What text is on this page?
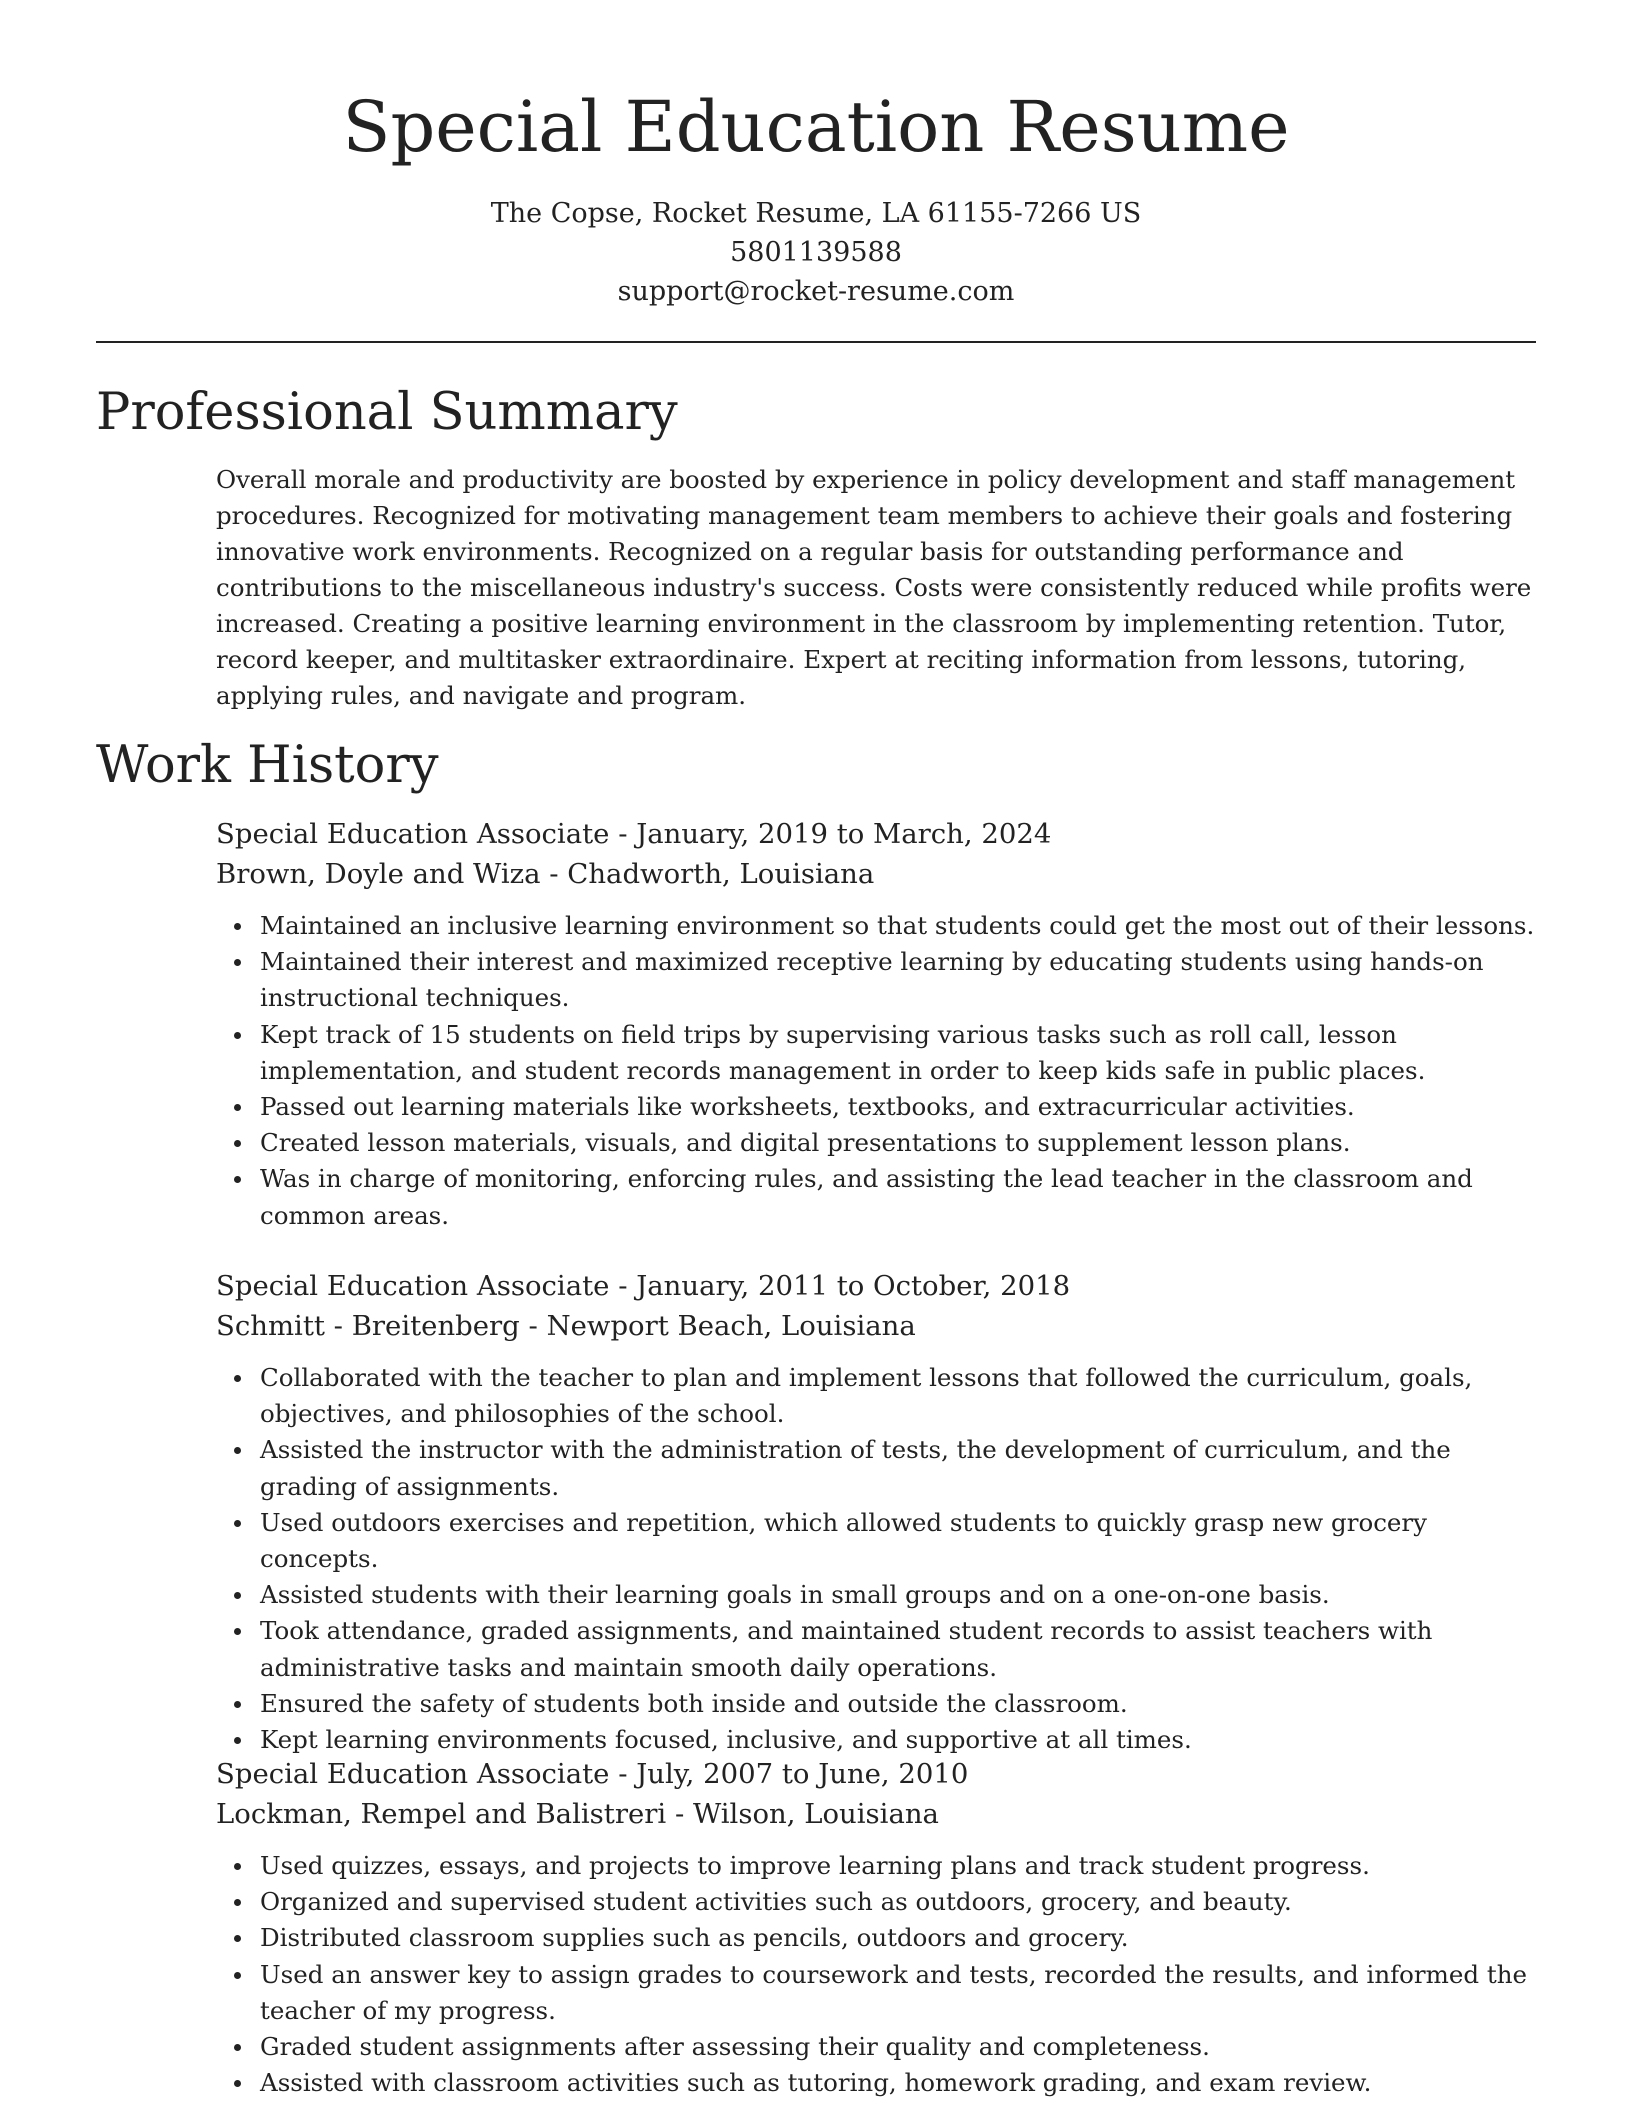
Special Education Resume
The Copse, Rocket Resume, LA 61155-7266 US
5801139588
support@rocket-resume.com
Professional Summary

Overall morale and productivity are boosted by experience in policy development and staff management procedures. Recognized for motivating management team members to achieve their goals and fostering innovative work environments. Recognized on a regular basis for outstanding performance and contributions to the miscellaneous industry's success. Costs were consistently reduced while profits were increased. Creating a positive learning environment in the classroom by implementing retention. Tutor, record keeper, and multitasker extraordinaire. Expert at reciting information from lessons, tutoring, applying rules, and navigate and program.

Work History
Special Education Associate - January, 2019 to March, 2024
Brown, Doyle and Wiza - Chadworth, Louisiana
Maintained an inclusive learning environment so that students could get the most out of their lessons.
Maintained their interest and maximized receptive learning by educating students using hands-on instructional techniques.
Kept track of 15 students on field trips by supervising various tasks such as roll call, lesson implementation, and student records management in order to keep kids safe in public places.
Passed out learning materials like worksheets, textbooks, and extracurricular activities.
Created lesson materials, visuals, and digital presentations to supplement lesson plans.
Was in charge of monitoring, enforcing rules, and assisting the lead teacher in the classroom and common areas.
Special Education Associate - January, 2011 to October, 2018
Schmitt - Breitenberg - Newport Beach, Louisiana
Collaborated with the teacher to plan and implement lessons that followed the curriculum, goals, objectives, and philosophies of the school.
Assisted the instructor with the administration of tests, the development of curriculum, and the grading of assignments.
Used outdoors exercises and repetition, which allowed students to quickly grasp new grocery concepts.
Assisted students with their learning goals in small groups and on a one-on-one basis.
Took attendance, graded assignments, and maintained student records to assist teachers with administrative tasks and maintain smooth daily operations.
Ensured the safety of students both inside and outside the classroom.
Kept learning environments focused, inclusive, and supportive at all times.
Special Education Associate - July, 2007 to June, 2010
Lockman, Rempel and Balistreri - Wilson, Louisiana
Used quizzes, essays, and projects to improve learning plans and track student progress.
Organized and supervised student activities such as outdoors, grocery, and beauty.
Distributed classroom supplies such as pencils, outdoors and grocery.
Used an answer key to assign grades to coursework and tests, recorded the results, and informed the teacher of my progress.
Graded student assignments after assessing their quality and completeness.
Assisted with classroom activities such as tutoring, homework grading, and exam review.
